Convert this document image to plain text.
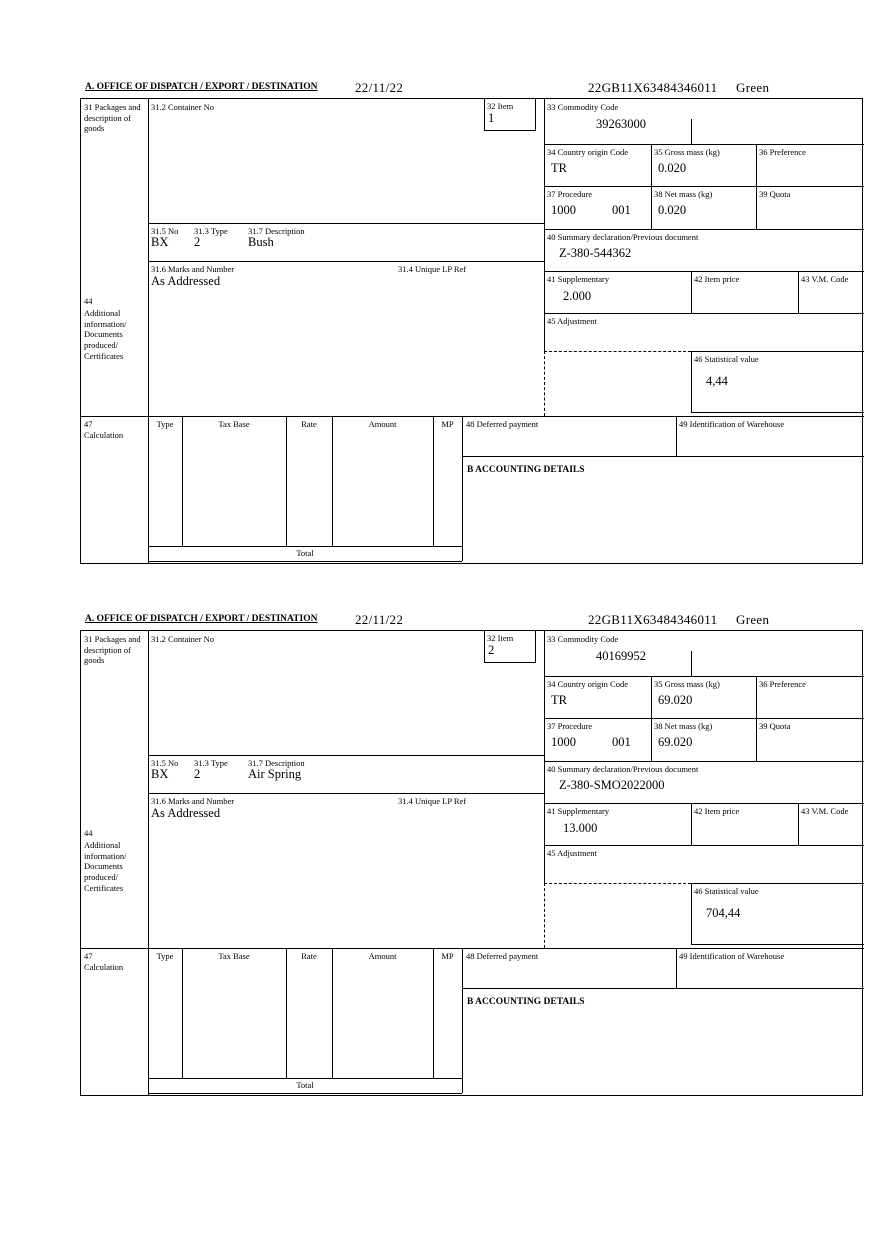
A. OFFICE OF DISPATCH / EXPORT / DESTINATION	22/11/22	22GB11X63484346011 Green
31 Packages and description of goods
31.2 Container No	32 Item
1
33 Commodity Code
39263000
34 Country origin Code
TR
35 Gross mass (kg)
0.020
36 Preference
37 Procedure
1000	001
38 Net mass (kg)
0.020
39 Quota
31.5 No 31.3 Type 31.7 Description
BX 2	Bush	40 Summary declaration/Previous document
Z-380-544362
31.6 Marks and Number	31.4 Unique LP Ref
As Addressed	41 Supplementary
2.000
42 Item price	43 V.M. Code
44
Additional information/ Documents produced/ Certificates
45 Adjustment
46 Statistical value
4,44
47
Calculation
Type	Tax Base	Rate	Amount	MP
Total
48 Deferred payment	49 Identification of Warehouse
B ACCOUNTING DETAILS
A. OFFICE OF DISPATCH / EXPORT / DESTINATION	22/11/22	22GB11X63484346011 Green
31 Packages and description of goods
31.2 Container No	32 Item
2
33 Commodity Code
40169952
34 Country origin Code
TR
35 Gross mass (kg)
69.020
36 Preference
37 Procedure
1000	001
38 Net mass (kg)
69.020
39 Quota
31.5 No 31.3 Type 31.7 Description
BX 2	Air Spring	40 Summary declaration/Previous document
Z-380-SMO2022000
31.6 Marks and Number	31.4 Unique LP Ref
As Addressed	41 Supplementary
13.000
42 Item price	43 V.M. Code
44
Additional information/ Documents produced/ Certificates
45 Adjustment
46 Statistical value
704,44
47
Calculation
Type	Tax Base	Rate	Amount	MP
Total
48 Deferred payment	49 Identification of Warehouse
B ACCOUNTING DETAILS
